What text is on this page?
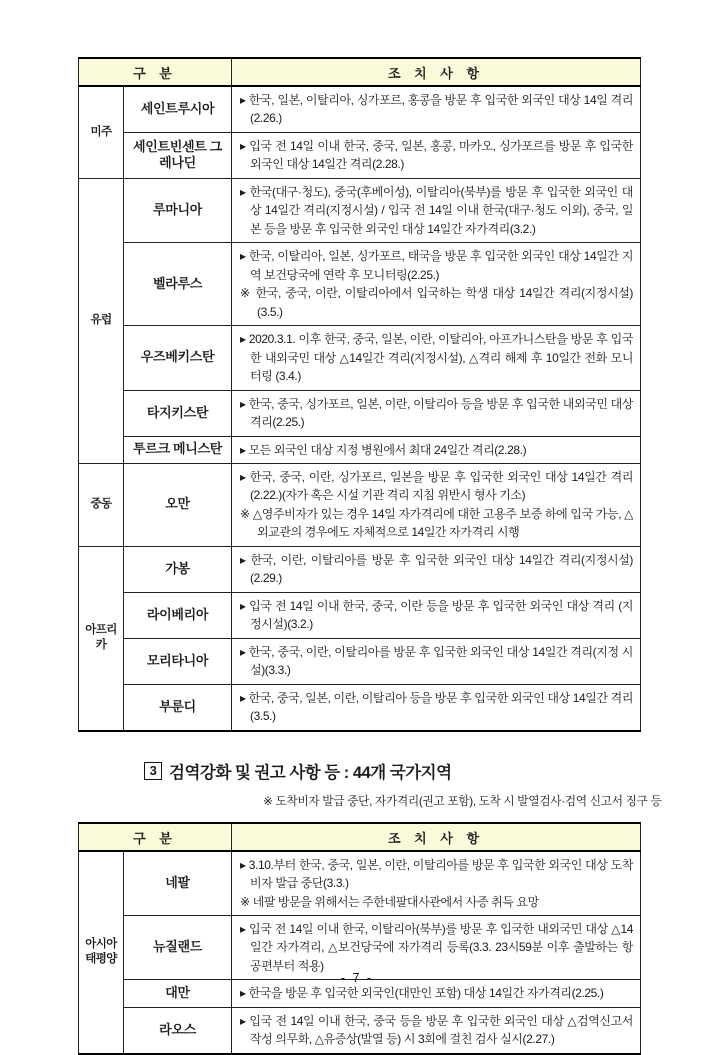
구 분		조 치 사 항
미주	세인트루시아	▸ 한국, 일본, 이탈리아, 싱가포르, 홍콩을 방문 후 입국한 외국인 대상 14일 격리 (2.26.)

	세인트빈센트 그레나딘	▸ 입국 전 14일 이내 한국, 중국, 일본, 홍콩, 마카오, 싱가포르를 방문 후 입국한 외국인 대상 14일간 격리(2.28.)

유럽	루마니아	▸ 한국(대구·청도), 중국(후베이성), 이탈리아(북부)를 방문 후 입국한 외국인 대상 14일간 격리(지정시설) / 입국 전 14일 이내 한국(대구·청도 이외), 중국, 일본 등을 방문 후 입국한 외국인 대상 14일간 자가격리(3.2.)

	벨라루스	▸ 한국, 이탈리아, 일본, 싱가포르, 태국을 방문 후 입국한 외국인 대상 14일간 지역 보건당국에 연락 후 모니터링(2.25.)
※ 한국, 중국, 이란, 이탈리아에서 입국하는 학생 대상 14일간 격리(지정시설)(3.5.)

	우즈베키스탄	▸ 2020.3.1. 이후 한국, 중국, 일본, 이란, 이탈리아, 아프가니스탄을 방문 후 입국한 내외국민 대상 △14일간 격리(지정시설), △격리 해제 후 10일간 전화 모니터링 (3.4.)

	타지키스탄	▸ 한국, 중국, 싱가포르, 일본, 이란, 이탈리아 등을 방문 후 입국한 내외국민 대상 격리(2.25.)

	투르크 메니스탄	▸ 모든 외국인 대상 지정 병원에서 최대 24일간 격리(2.28.)

중동	오만	▸ 한국, 중국, 이란, 싱가포르, 일본을 방문 후 입국한 외국인 대상 14일간 격리 (2.22.)(자가 혹은 시설 기관 격리 지침 위반시 형사 기소)
※ △영주비자가 있는 경우 14일 자가격리에 대한 고용주 보증 하에 입국 가능, △외교관의 경우에도 자체적으로 14일간 자가격리 시행

아프리카	가봉	▸ 한국, 이란, 이탈리아를 방문 후 입국한 외국인 대상 14일간 격리(지정시설)(2.29.)

	라이베리아	▸ 입국 전 14일 이내 한국, 중국, 이란 등을 방문 후 입국한 외국인 대상 격리 (지정시설)(3.2.)

	모리타니아	▸ 한국, 중국, 이란, 이탈리아를 방문 후 입국한 외국인 대상 14일간 격리(지정 시설)(3.3.)

	부룬디	▸ 한국, 중국, 일본, 이란, 이탈리아 등을 방문 후 입국한 외국인 대상 14일간 격리(3.5.)
3 검역강화 및 권고 사항 등 : 44개 국가지역
※ 도착비자 발급 중단, 자가격리(권고 포함), 도착 시 발열검사·검역 신고서 징구 등
구 분		조 치 사 항
아시아 태평양	네팔	▸ 3.10.부터 한국, 중국, 일본, 이란, 이탈리아를 방문 후 입국한 외국인 대상 도착비자 발급 중단(3.3.)
※ 네팔 방문을 위해서는 주한네팔대사관에서 사증 취득 요망

	뉴질랜드	▸ 입국 전 14일 이내 한국, 이탈리아(북부)를 방문 후 입국한 내외국민 대상 △14일간 자가격리, △보건당국에 자가격리 등록(3.3. 23시59분 이후 출발하는 항공편부터 적용)

	대만	▸ 한국을 방문 후 입국한 외국인(대만인 포함) 대상 14일간 자가격리(2.25.)

	라오스	▸ 입국 전 14일 이내 한국, 중국 등을 방문 후 입국한 외국인 대상 △검역신고서 작성 의무화, △유증상(발열 등) 시 3회에 걸친 검사 실시(2.27.)
- 7 -
